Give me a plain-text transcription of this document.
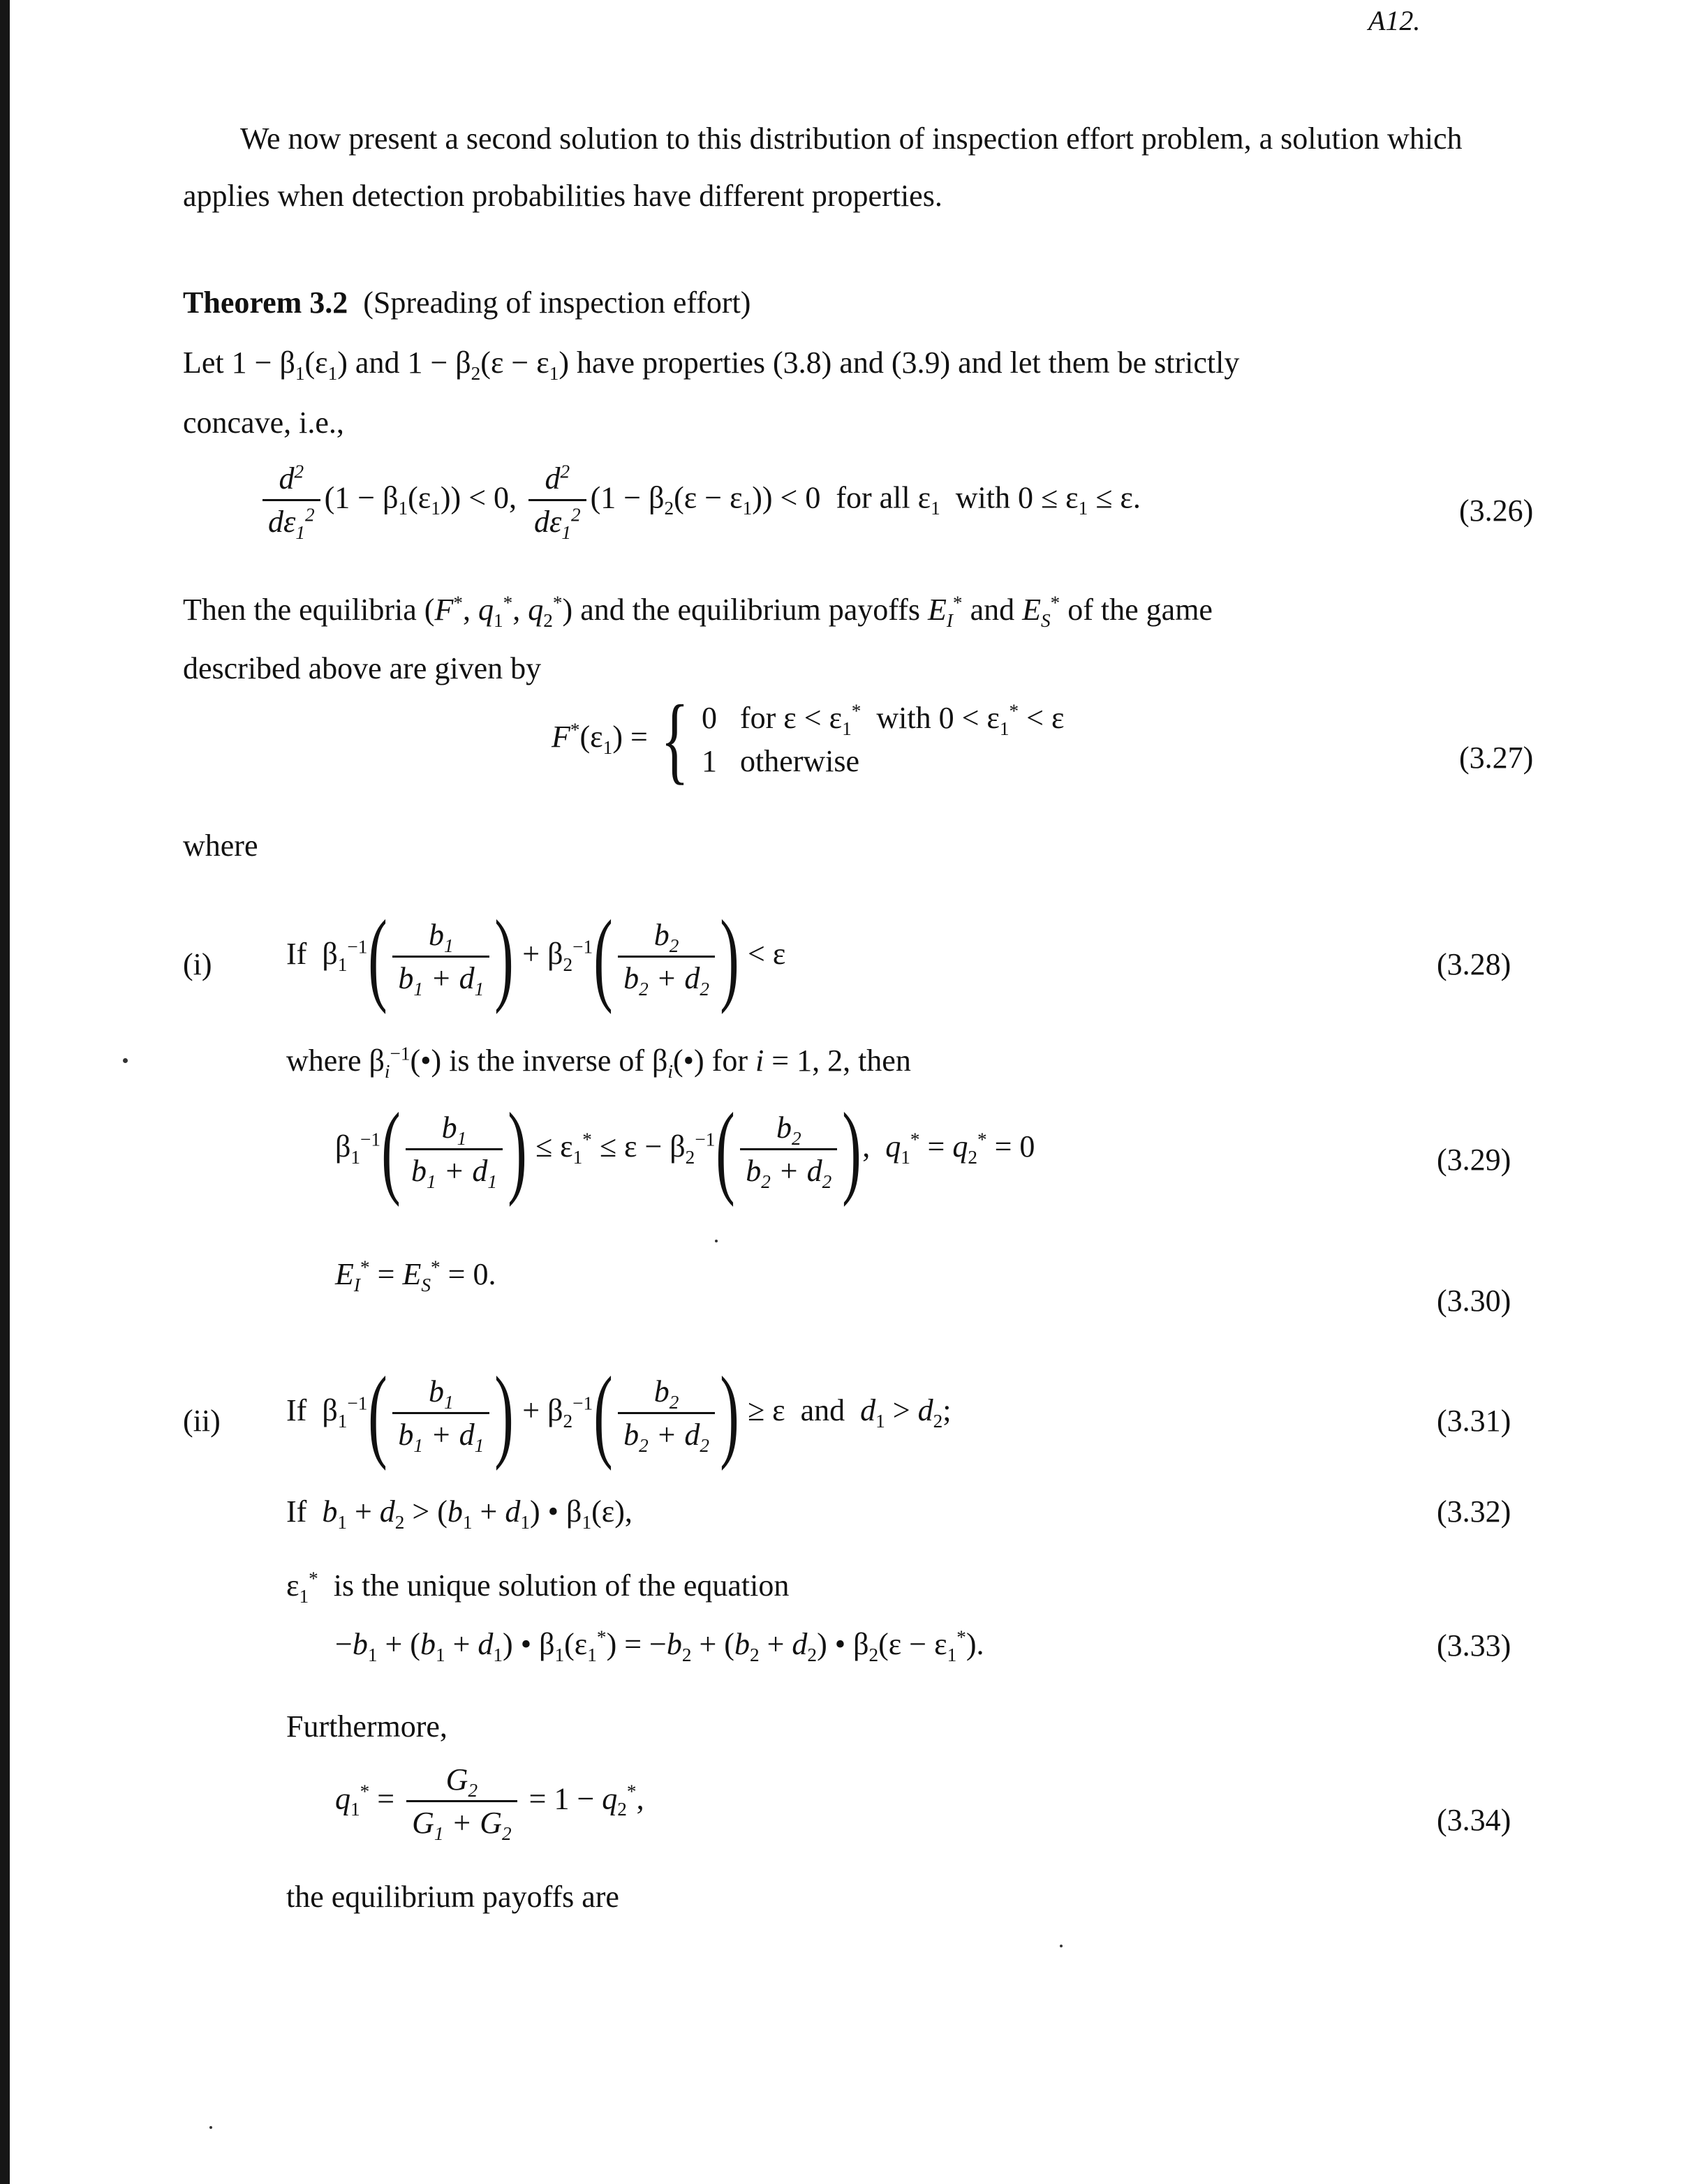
A12.
We now present a second solution to this distribution of inspection effort problem, a solution which applies when detection probabilities have different properties.
Theorem 3.2 (Spreading of inspection effort)
Let $1 - \beta_1(\varepsilon_1)$ and $1 - \beta_2(\varepsilon - \varepsilon_1)$ have properties (3.8) and (3.9) and let them be strictly
concave, i.e.,
$\frac{d^2}{d\varepsilon_1^2} (1 - \beta_1(\varepsilon_1)) < 0$, $\frac{d^2}{d\varepsilon_1^2} (1 - \beta_2(\varepsilon - \varepsilon_1)) < 0$  for all $\varepsilon_1$ with $0 \le \varepsilon_1 \le \varepsilon$.	(3.26)
Then the equilibria (F*, $q_1^*$, $q_2^*$) and the equilibrium payoffs $E_I^*$ and $E_S^*$ of the game
described above are given by
$F^*(\varepsilon_1)$ = { 0   for $\varepsilon < \varepsilon_1^*$ with $0 < \varepsilon_1^* < \varepsilon$
1   otherwise	(3.27)
where
(i) If  $\beta_1^{-1}( \frac{b_1}{b_1 + d_1}$ ) + $\beta_2^{-1}( \frac{b_2}{b_2 + d_2}$ ) < ε	(3.28)
where $\beta_i^{-1}(•)$ is the inverse of $\beta_i(•)$ for i = 1, 2, then
$\beta_1^{-1}( \frac{b_1}{b_1 + d_1}$ ) ≤ $\varepsilon_1^* \le \varepsilon - \beta_2^{-1}( \frac{b_2}{b_2 + d_2}$ ),  $q_1^* = q_2^* = 0$	(3.29)
$E_I^* = E_S^* = 0$.
(3.30)
(ii) If  $\beta_1^{-1}( \frac{b_1}{b_1 + d_1}$ ) + $\beta_2^{-1}( \frac{b_2}{b_2 + d_2}$ ) ≥ ε  and $d_1 > d_2$;	(3.31)
If $b_1 + d_2 > (b_1 + d_1)$ • $\beta_1(\varepsilon)$,	(3.32)
$\varepsilon_1^*$ is the unique solution of the equation
$-b_1 + (b_1 + d_1)$ • $\beta_1(\varepsilon_1^*) = -b_2 + (b_2 + d_2)$ • $\beta_2(\varepsilon - \varepsilon_1^*)$.	(3.33)
Furthermore,
$q_1^* = \frac{G_2}{G_1 + G_2} = 1 - q_2^*$,
(3.34)
the equilibrium payoffs are
